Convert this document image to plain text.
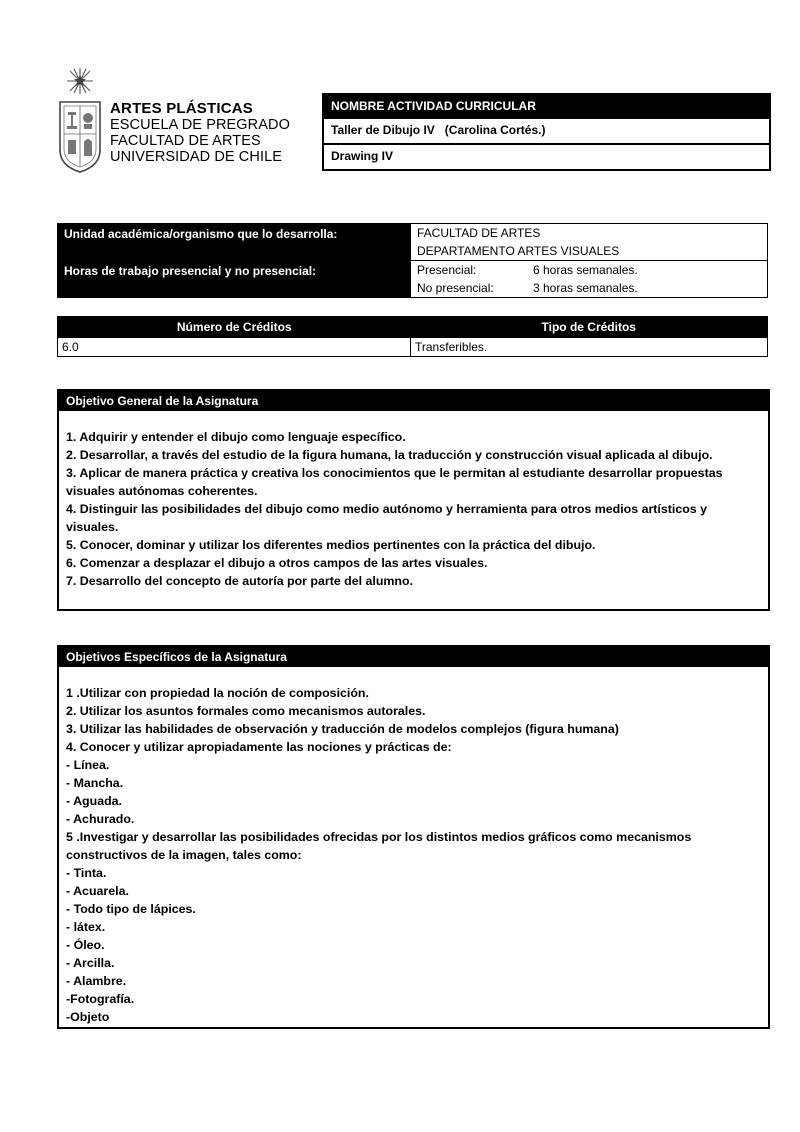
ARTES PLÁSTICAS
ESCUELA DE PREGRADO
FACULTAD DE ARTES
UNIVERSIDAD DE CHILE
NOMBRE ACTIVIDAD CURRICULAR
Taller de Dibujo IV   (Carolina Cortés.)
Drawing IV
Unidad académica/organismo que lo desarrolla:	FACULTAD DE ARTES
DEPARTAMENTO ARTES VISUALES

Horas de trabajo presencial y no presencial:	Presencial: 6 horas semanales.
No presencial: 3 horas semanales.
Número de Créditos	Tipo de Créditos
6.0	Transferibles.
Objetivo General de la Asignatura
1. Adquirir y entender el dibujo como lenguaje específico.
2. Desarrollar, a través del estudio de la figura humana, la traducción y construcción visual aplicada al dibujo.
3. Aplicar de manera práctica y creativa los conocimientos que le permitan al estudiante desarrollar propuestas visuales autónomas coherentes.
4. Distinguir las posibilidades del dibujo como medio autónomo y herramienta para otros medios artísticos y visuales.
5. Conocer, dominar y utilizar los diferentes medios pertinentes con la práctica del dibujo.
6. Comenzar a desplazar el dibujo a otros campos de las artes visuales.
7. Desarrollo del concepto de autoría por parte del alumno.
Objetivos Específicos de la Asignatura
1 .Utilizar con propiedad la noción de composición.
2. Utilizar los asuntos formales como mecanismos autorales.
3. Utilizar las habilidades de observación y traducción de modelos complejos (figura humana)
4. Conocer y utilizar apropiadamente las nociones y prácticas de:
- Línea.
- Mancha.
- Aguada.
- Achurado.
5 .Investigar y desarrollar las posibilidades ofrecidas por los distintos medios gráficos como mecanismos constructivos de la imagen, tales como:
- Tinta.
- Acuarela.
- Todo tipo de lápices.
- látex.
- Óleo.
- Arcilla.
- Alambre.
-Fotografía.
-Objeto
